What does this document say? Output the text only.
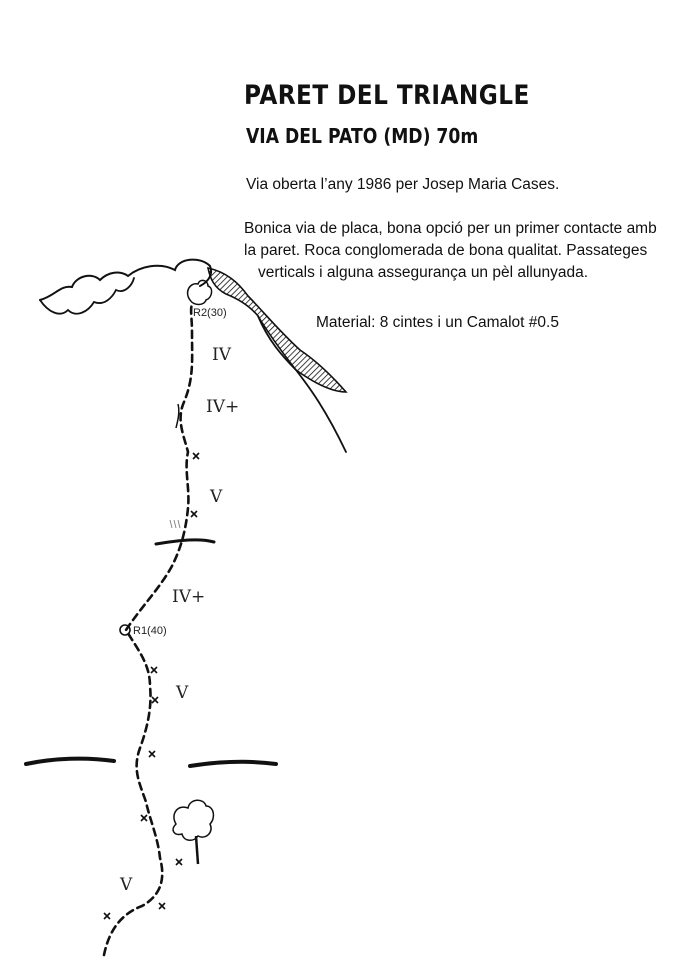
R2(30)
R1(40)
IV
IV+
V
IV+
V
V
PARET DEL TRIANGLE
VIA DEL PATO (MD) 70m

Via oberta l’any 1986 per Josep Maria Cases.

Bonica via de placa, bona opció per un primer contacte amb

la paret. Roca conglomerada de bona qualitat. Passateges

verticals i alguna assegurança un pèl allunyada.

Material: 8 cintes i un Camalot #0.5
